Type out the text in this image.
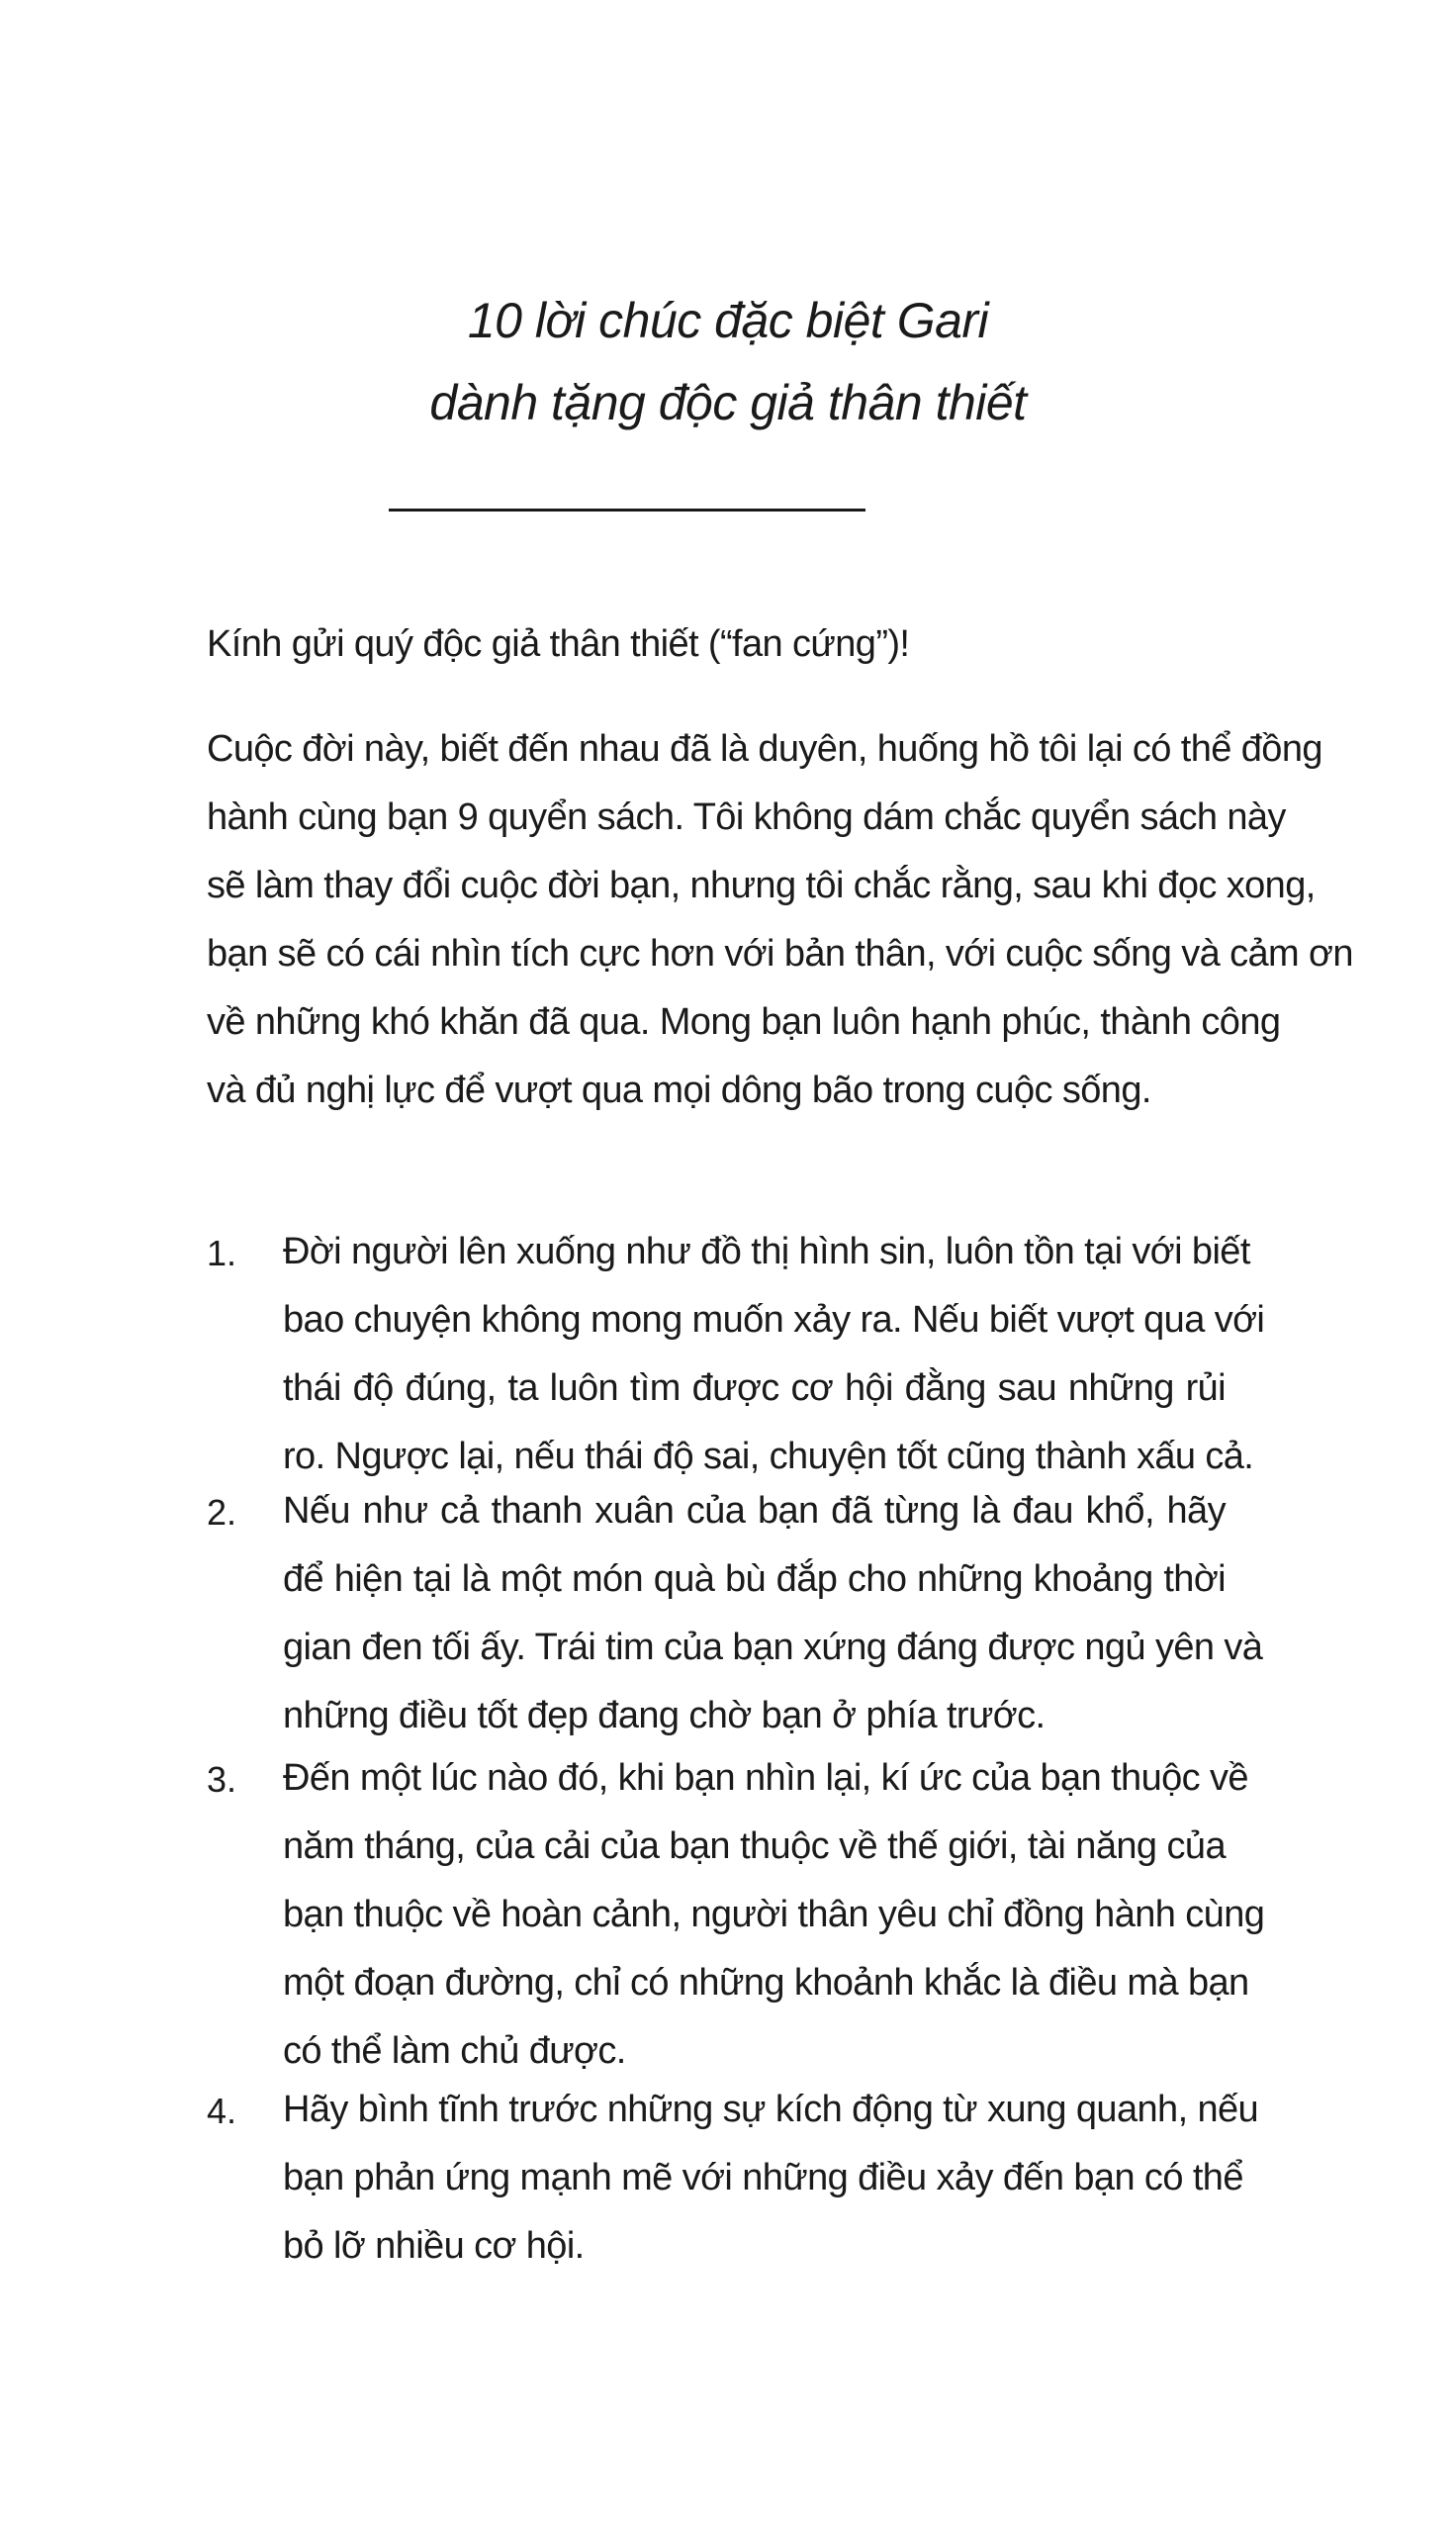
10 lời chúc đặc biệt Gari
dành tặng độc giả thân thiết
Kính gửi quý độc giả thân thiết (“fan cứng”)!
Cuộc đời này, biết đến nhau đã là duyên, huống hồ tôi lại có thể đồng
hành cùng bạn 9 quyển sách. Tôi không dám chắc quyển sách này
sẽ làm thay đổi cuộc đời bạn, nhưng tôi chắc rằng, sau khi đọc xong,
bạn sẽ có cái nhìn tích cực hơn với bản thân, với cuộc sống và cảm ơn
về những khó khăn đã qua. Mong bạn luôn hạnh phúc, thành công
và đủ nghị lực để vượt qua mọi dông bão trong cuộc sống.
1. Đời người lên xuống như đồ thị hình sin, luôn tồn tại với biết
bao chuyện không mong muốn xảy ra. Nếu biết vượt qua với
thái độ đúng, ta luôn tìm được cơ hội đằng sau những rủi
ro. Ngược lại, nếu thái độ sai, chuyện tốt cũng thành xấu cả.
2. Nếu như cả thanh xuân của bạn đã từng là đau khổ, hãy
để hiện tại là một món quà bù đắp cho những khoảng thời
gian đen tối ấy. Trái tim của bạn xứng đáng được ngủ yên và
những điều tốt đẹp đang chờ bạn ở phía trước.
3. Đến một lúc nào đó, khi bạn nhìn lại, kí ức của bạn thuộc về
năm tháng, của cải của bạn thuộc về thế giới, tài năng của
bạn thuộc về hoàn cảnh, người thân yêu chỉ đồng hành cùng
một đoạn đường, chỉ có những khoảnh khắc là điều mà bạn
có thể làm chủ được.
4. Hãy bình tĩnh trước những sự kích động từ xung quanh, nếu
bạn phản ứng mạnh mẽ với những điều xảy đến bạn có thể
bỏ lỡ nhiều cơ hội.
